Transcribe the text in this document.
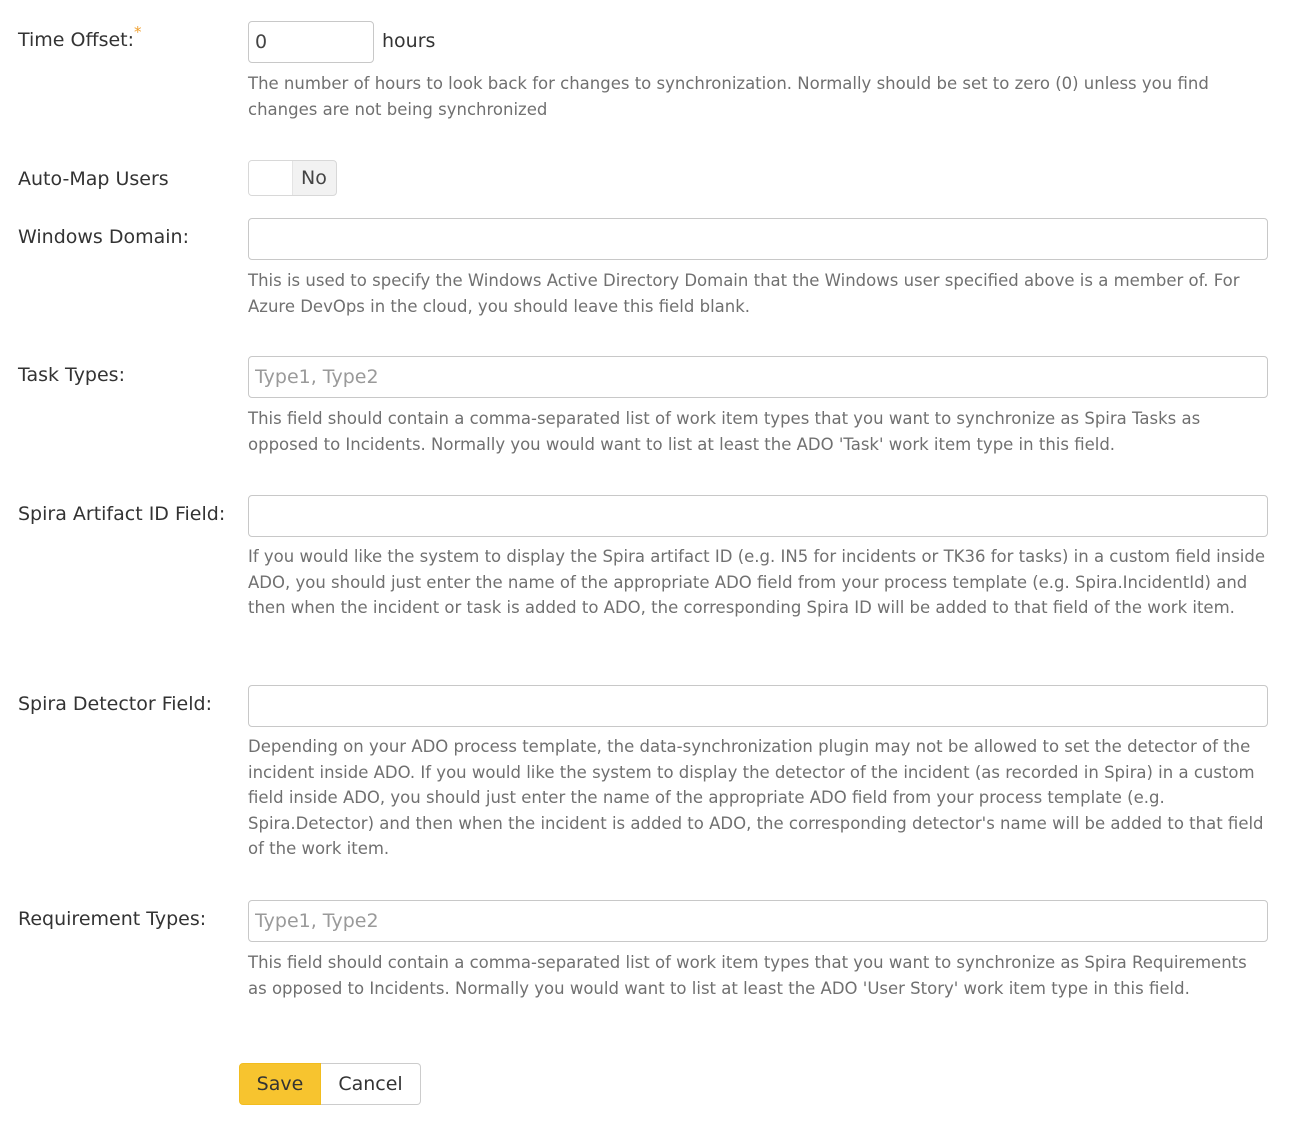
Time Offset:*
0	hours

The number of hours to look back for changes to synchronization. Normally should be set to zero (0) unless you find changes are not being synchronized

Auto-Map Users	No
Windows Domain:

This is used to specify the Windows Active Directory Domain that the Windows user specified above is a member of. For Azure DevOps in the cloud, you should leave this field blank.

Task Types:
Type1, Type2

This field should contain a comma-separated list of work item types that you want to synchronize as Spira Tasks as opposed to Incidents. Normally you would want to list at least the ADO 'Task' work item type in this field.

Spira Artifact ID Field:

If you would like the system to display the Spira artifact ID (e.g. IN5 for incidents or TK36 for tasks) in a custom field inside ADO, you should just enter the name of the appropriate ADO field from your process template (e.g. Spira.IncidentId) and then when the incident or task is added to ADO, the corresponding Spira ID will be added to that field of the work item.

Spira Detector Field:

Depending on your ADO process template, the data-synchronization plugin may not be allowed to set the detector of the incident inside ADO. If you would like the system to display the detector of the incident (as recorded in Spira) in a custom field inside ADO, you should just enter the name of the appropriate ADO field from your process template (e.g. Spira.Detector) and then when the incident is added to ADO, the corresponding detector's name will be added to that field of the work item.

Requirement Types:
Type1, Type2

This field should contain a comma-separated list of work item types that you want to synchronize as Spira Requirements as opposed to Incidents. Normally you would want to list at least the ADO 'User Story' work item type in this field.

Save	Cancel
